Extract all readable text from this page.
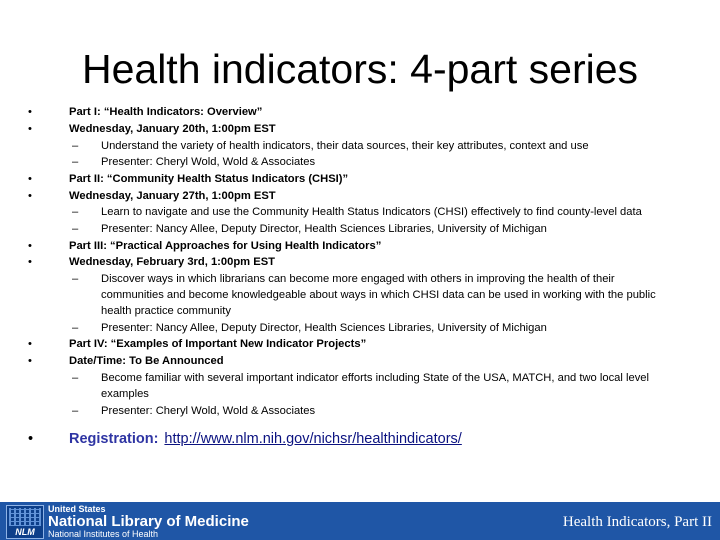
Health indicators: 4-part series
•	Part I: “Health Indicators: Overview”
•	Wednesday, January 20th, 1:00pm EST
– Understand the variety of health indicators, their data sources, their key attributes, context and use
– Presenter: Cheryl Wold, Wold & Associates
•	Part II: “Community Health Status Indicators (CHSI)”
•	Wednesday, January 27th, 1:00pm EST
– Learn to navigate and use the Community Health Status Indicators (CHSI) effectively to find county-level data
– Presenter: Nancy Allee, Deputy Director, Health Sciences Libraries, University of Michigan
•	Part III: “Practical Approaches for Using Health Indicators”
•	Wednesday, February 3rd, 1:00pm EST
– Discover ways in which librarians can become more engaged with others in improving the health of their communities and become knowledgeable about ways in which CHSI data can be used in working with the public health practice community
– Presenter: Nancy Allee, Deputy Director, Health Sciences Libraries, University of Michigan
•	Part IV: “Examples of Important New Indicator Projects”
•	Date/Time: To Be Announced
– Become familiar with several important indicator efforts including State of the USA, MATCH, and two local level examples
– Presenter: Cheryl Wold, Wold & Associates
• Registration: http://www.nlm.nih.gov/nichsr/healthindicators/
NLM
United States
National Library of Medicine
National Institutes of Health
Health Indicators, Part II
